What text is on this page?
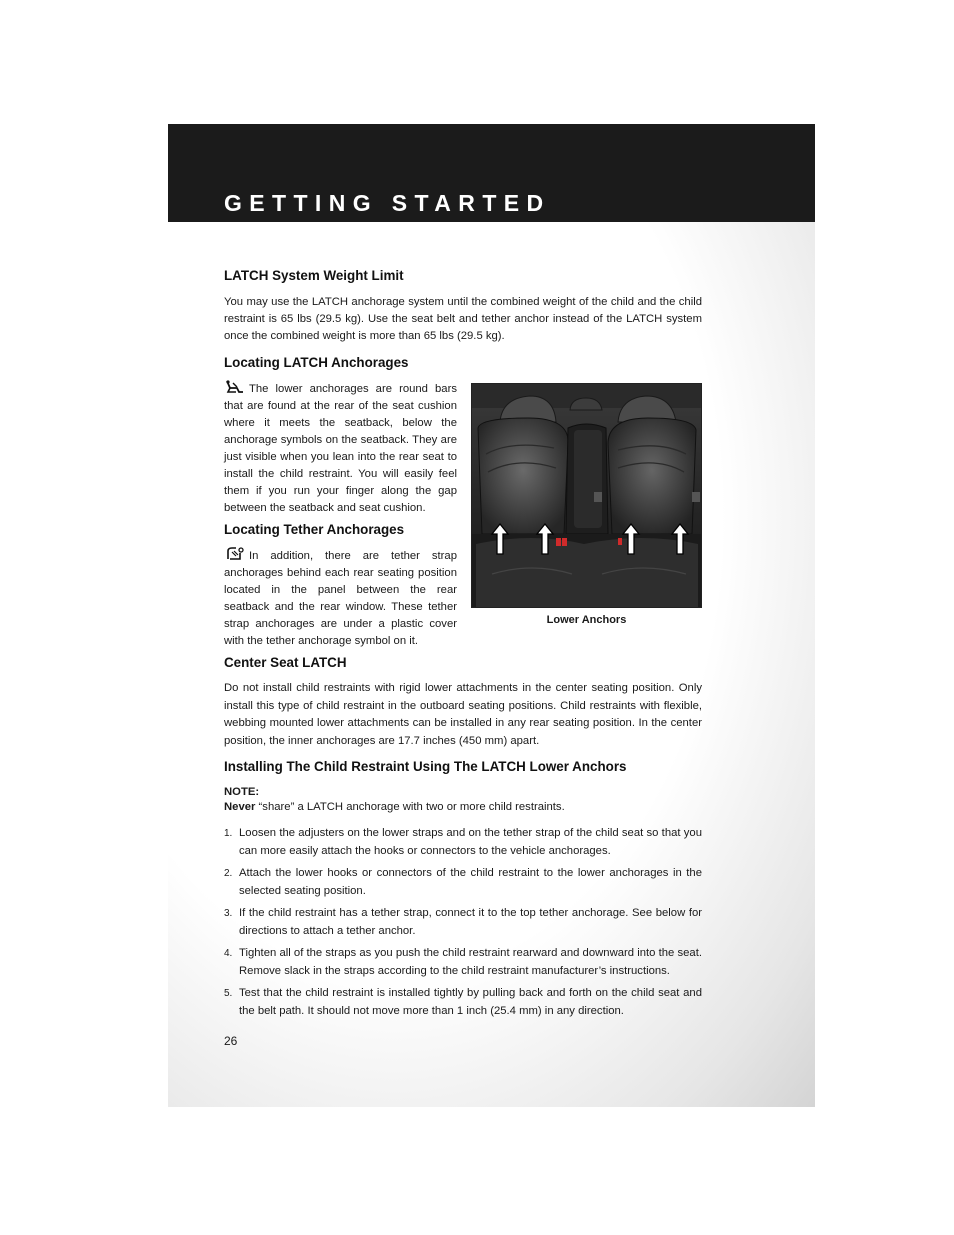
GETTING STARTED
LATCH System Weight Limit

You may use the LATCH anchorage system until the combined weight of the child and the child restraint is 65 lbs (29.5 kg). Use the seat belt and tether anchor instead of the LATCH system once the combined weight is more than 65 lbs (29.5 kg).

Locating LATCH Anchorages

The lower anchorages are round bars that are found at the rear of the seat cushion where it meets the seatback, below the anchorage symbols on the seatback. They are just visible when you lean into the rear seat to install the child restraint. You will easily feel them if you run your finger along the gap between the seatback and seat cushion.

Locating Tether Anchorages

In addition, there are tether strap anchorages behind each rear seating position located in the panel between the rear seatback and the rear window. These tether strap anchorages are under a plastic cover with the tether anchorage symbol on it.

Lower Anchors
Center Seat LATCH

Do not install child restraints with rigid lower attachments in the center seating position. Only install this type of child restraint in the outboard seating positions. Child restraints with flexible, webbing mounted lower attachments can be installed in any rear seating position. In the center position, the inner anchorages are 17.7 inches (450 mm) apart.

Installing The Child Restraint Using The LATCH Lower Anchors
NOTE:

Never “share” a LATCH anchorage with two or more child restraints.

1. Loosen the adjusters on the lower straps and on the tether strap of the child seat so that you can more easily attach the hooks or connectors to the vehicle anchorages.
2. Attach the lower hooks or connectors of the child restraint to the lower anchorages in the selected seating position.
3. If the child restraint has a tether strap, connect it to the top tether anchorage. See below for directions to attach a tether anchor.
4. Tighten all of the straps as you push the child restraint rearward and downward into the seat. Remove slack in the straps according to the child restraint manufacturer’s instructions.
5. Test that the child restraint is installed tightly by pulling back and forth on the child seat and the belt path. It should not move more than 1 inch (25.4 mm) in any direction.
26
